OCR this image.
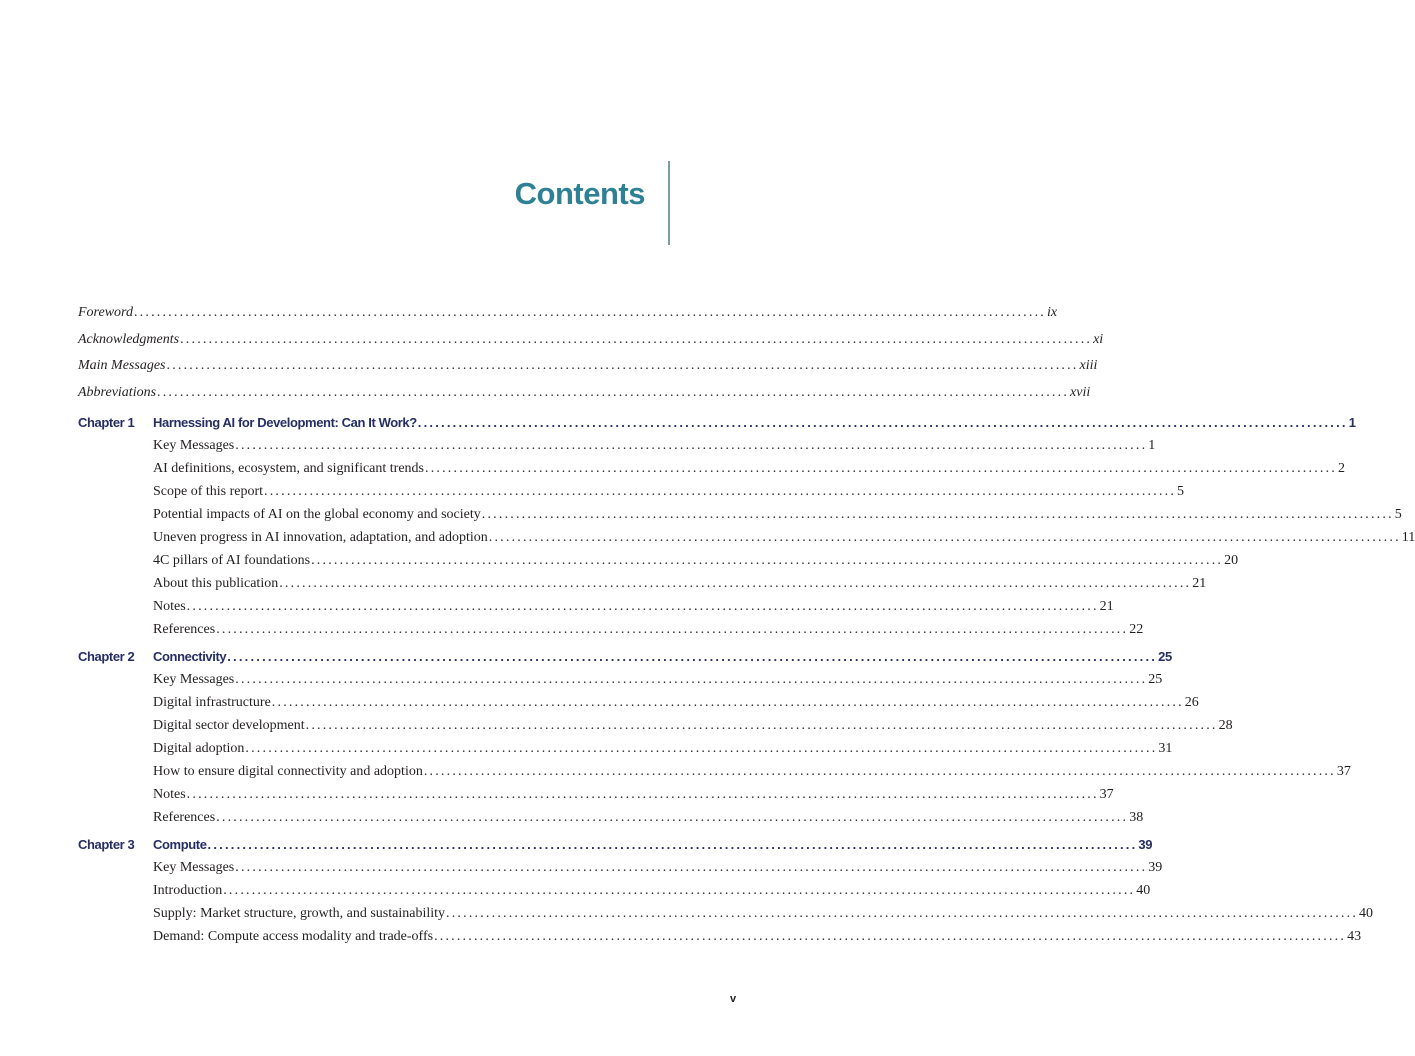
Contents
Foreword ................................................................................................................................................................ ix
Acknowledgments ................................................................................................................................................................ xi
Main Messages ................................................................................................................................................................ xiii
Abbreviations ................................................................................................................................................................ xvii
Chapter 1	Harnessing AI for Development: Can It Work? ................................................................................................................................................................ 1
Key Messages ................................................................................................................................................................ 1
AI definitions, ecosystem, and significant trends ................................................................................................................................................................ 2
Scope of this report ................................................................................................................................................................ 5
Potential impacts of AI on the global economy and society ................................................................................................................................................................ 5
Uneven progress in AI innovation, adaptation, and adoption ................................................................................................................................................................ 11
4C pillars of AI foundations ................................................................................................................................................................ 20
About this publication ................................................................................................................................................................ 21
Notes ................................................................................................................................................................ 21
References ................................................................................................................................................................ 22
Chapter 2	Connectivity ................................................................................................................................................................ 25
Key Messages ................................................................................................................................................................ 25
Digital infrastructure ................................................................................................................................................................ 26
Digital sector development ................................................................................................................................................................ 28
Digital adoption ................................................................................................................................................................ 31
How to ensure digital connectivity and adoption ................................................................................................................................................................ 37
Notes ................................................................................................................................................................ 37
References ................................................................................................................................................................ 38
Chapter 3	Compute ................................................................................................................................................................ 39
Key Messages ................................................................................................................................................................ 39
Introduction ................................................................................................................................................................ 40
Supply: Market structure, growth, and sustainability ................................................................................................................................................................ 40
Demand: Compute access modality and trade-offs ................................................................................................................................................................ 43
v
